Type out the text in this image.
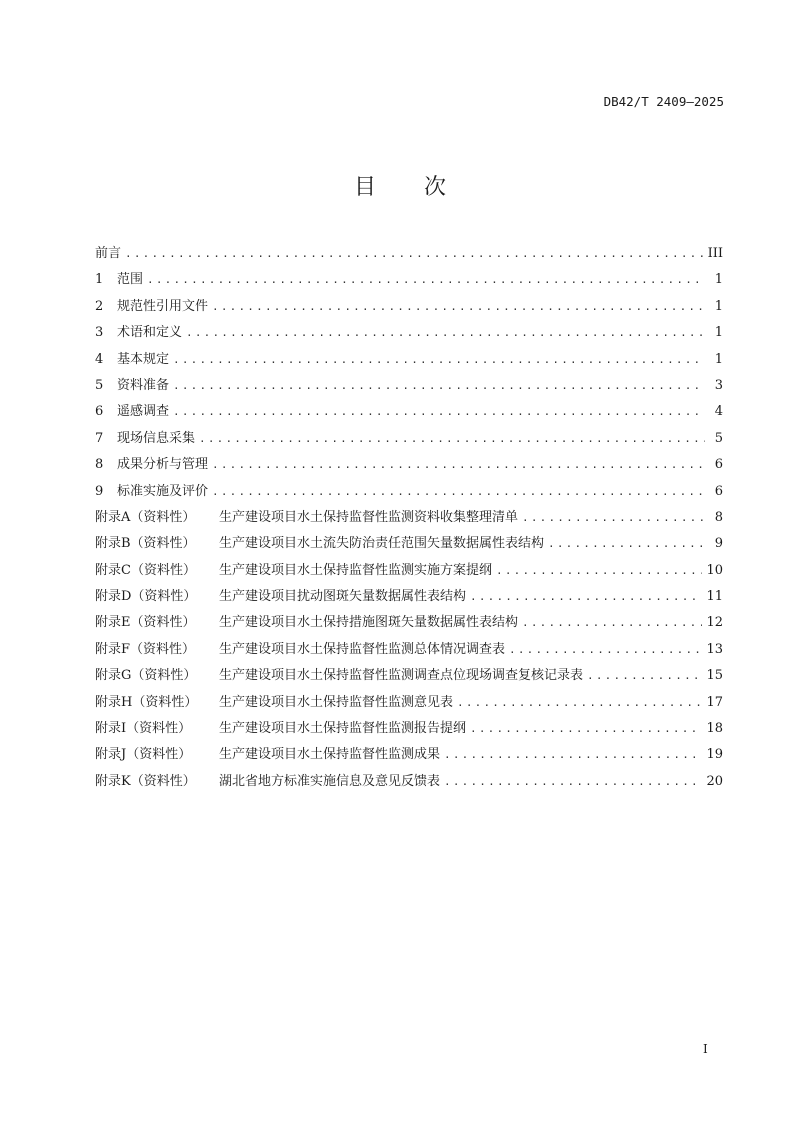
DB42/T 2409—2025
目 次
前言 .....	III
1	范围 .....	1
2	规范性引用文件 .....	1
3	术语和定义 .....	1
4	基本规定 .....	1
5	资料准备 .....	3
6	遥感调查 .....	4
7	现场信息采集 .....	5
8	成果分析与管理 .....	6
9	标准实施及评价 .....	6
附录A（资料性）	生产建设项目水土保持监督性监测资料收集整理清单 .....	8
附录B（资料性）	生产建设项目水土流失防治责任范围矢量数据属性表结构 .....	9
附录C（资料性）	生产建设项目水土保持监督性监测实施方案提纲 .....	10
附录D（资料性）	生产建设项目扰动图斑矢量数据属性表结构 .....	11
附录E（资料性）	生产建设项目水土保持措施图斑矢量数据属性表结构 .....	12
附录F（资料性）	生产建设项目水土保持监督性监测总体情况调查表 .....	13
附录G（资料性）	生产建设项目水土保持监督性监测调查点位现场调查复核记录表 .....	15
附录H（资料性）	生产建设项目水土保持监督性监测意见表 .....	17
附录I（资料性）	生产建设项目水土保持监督性监测报告提纲 .....	18
附录J（资料性）	生产建设项目水土保持监督性监测成果 .....	19
附录K（资料性）	湖北省地方标准实施信息及意见反馈表 .....	20
I
